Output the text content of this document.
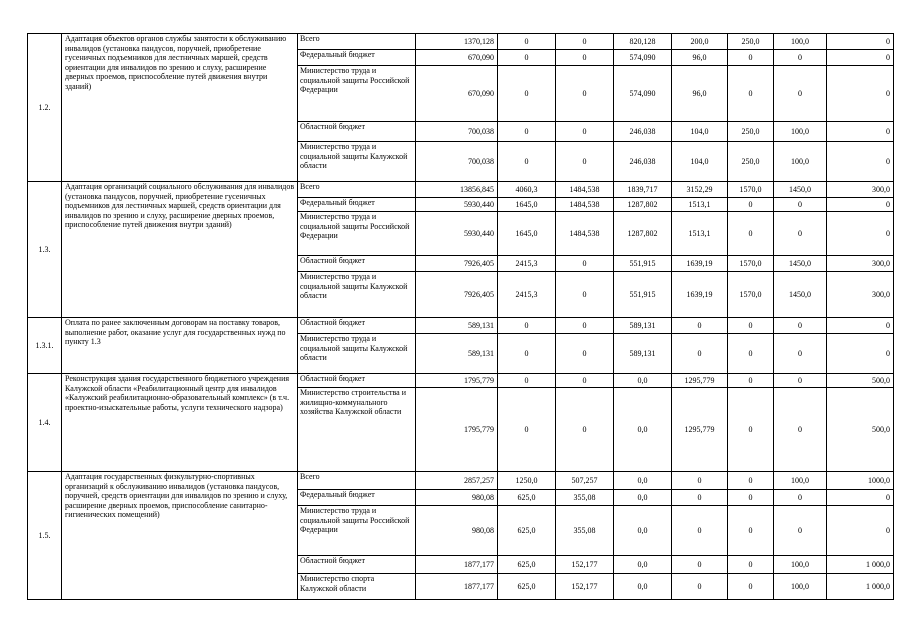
1.2.	Адаптация объектов органов службы занятости к обслуживанию инвалидов (установка пандусов, поручней, приобретение гусеничных подъемников для лестничных маршей, средств ориентации для инвалидов по зрению и слуху, расширение дверных проемов, приспособление путей движения внутри зданий)	Всего	1370,128	0	0	820,128	200,0	250,0	100,0	0
		Федеральный бюджет	670,090	0	0	574,090	96,0	0	0	0
		Министерство труда и социальной защиты Российской Федерации	670,090	0	0	574,090	96,0	0	0	0
		Областной бюджет	700,038	0	0	246,038	104,0	250,0	100,0	0
		Министерство труда и социальной защиты Калужской области	700,038	0	0	246,038	104,0	250,0	100,0	0
1.3.	Адаптация организаций социального обслуживания для инвалидов (установка пандусов, поручней, приобретение гусеничных подъемников для лестничных маршей, средств ориентации для инвалидов по зрению и слуху, расширение дверных проемов, приспособление путей движения внутри зданий)	Всего	13856,845	4060,3	1484,538	1839,717	3152,29	1570,0	1450,0	300,0
		Федеральный бюджет	5930,440	1645,0	1484,538	1287,802	1513,1	0	0	0
		Министерство труда и социальной защиты Российской Федерации	5930,440	1645,0	1484,538	1287,802	1513,1	0	0	0
		Областной бюджет	7926,405	2415,3	0	551,915	1639,19	1570,0	1450,0	300,0
		Министерство труда и социальной защиты Калужской области	7926,405	2415,3	0	551,915	1639,19	1570,0	1450,0	300,0
1.3.1.	Оплата по ранее заключенным договорам на поставку товаров, выполнение работ, оказание услуг для государственных нужд по пункту 1.3	Областной бюджет	589,131	0	0	589,131	0	0	0	0
		Министерство труда и социальной защиты Калужской области	589,131	0	0	589,131	0	0	0	0
1.4.	Реконструкция здания государственного бюджетного учреждения Калужской области «Реабилитационный центр для инвалидов «Калужский реабилитационно-образовательный комплекс» (в т.ч. проектно-изыскательные работы, услуги технического надзора)	Областной бюджет	1795,779	0	0	0,0	1295,779	0	0	500,0
		Министерство строительства и жилищно-коммунального хозяйства Калужской области	1795,779	0	0	0,0	1295,779	0	0	500,0
1.5.	Адаптация государственных физкультурно-спортивных организаций к обслуживанию инвалидов (установка пандусов, поручней, средств ориентации для инвалидов по зрению и слуху, расширение дверных проемов, приспособление санитарно-гигиенических помещений)	Всего	2857,257	1250,0	507,257	0,0	0	0	100,0	1000,0
		Федеральный бюджет	980,08	625,0	355,08	0,0	0	0	0	0
		Министерство труда и социальной защиты Российской Федерации	980,08	625,0	355,08	0,0	0	0	0	0
		Областной бюджет	1877,177	625,0	152,177	0,0	0	0	100,0	1 000,0
		Министерство спорта Калужской области	1877,177	625,0	152,177	0,0	0	0	100,0	1 000,0
